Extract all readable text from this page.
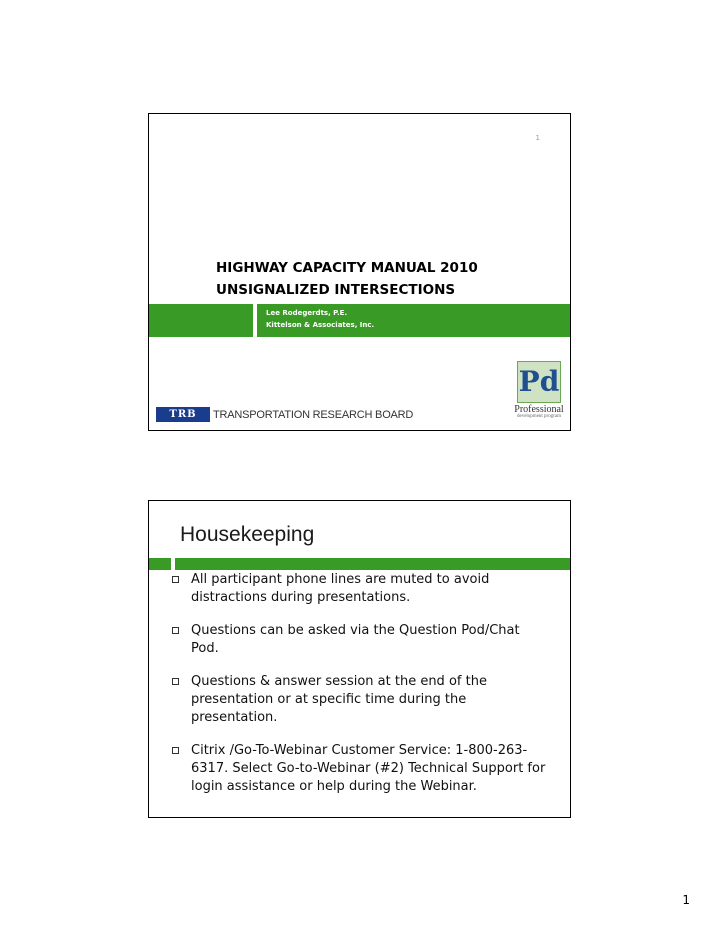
1
HIGHWAY CAPACITY MANUAL 2010
UNSIGNALIZED INTERSECTIONS
Lee Rodegerdts, P.E.
Kittelson & Associates, Inc.
TRB	TRANSPORTATION RESEARCH BOARD
Pd
Professional
development program
Housekeeping
All participant phone lines are muted to avoid distractions during presentations.
Questions can be asked via the Question Pod/Chat Pod.
Questions & answer session at the end of the presentation or at specific time during the presentation.
Citrix /Go-To-Webinar Customer Service: 1-800-263-6317. Select Go-to-Webinar (#2) Technical Support for login assistance or help during the Webinar.
1
